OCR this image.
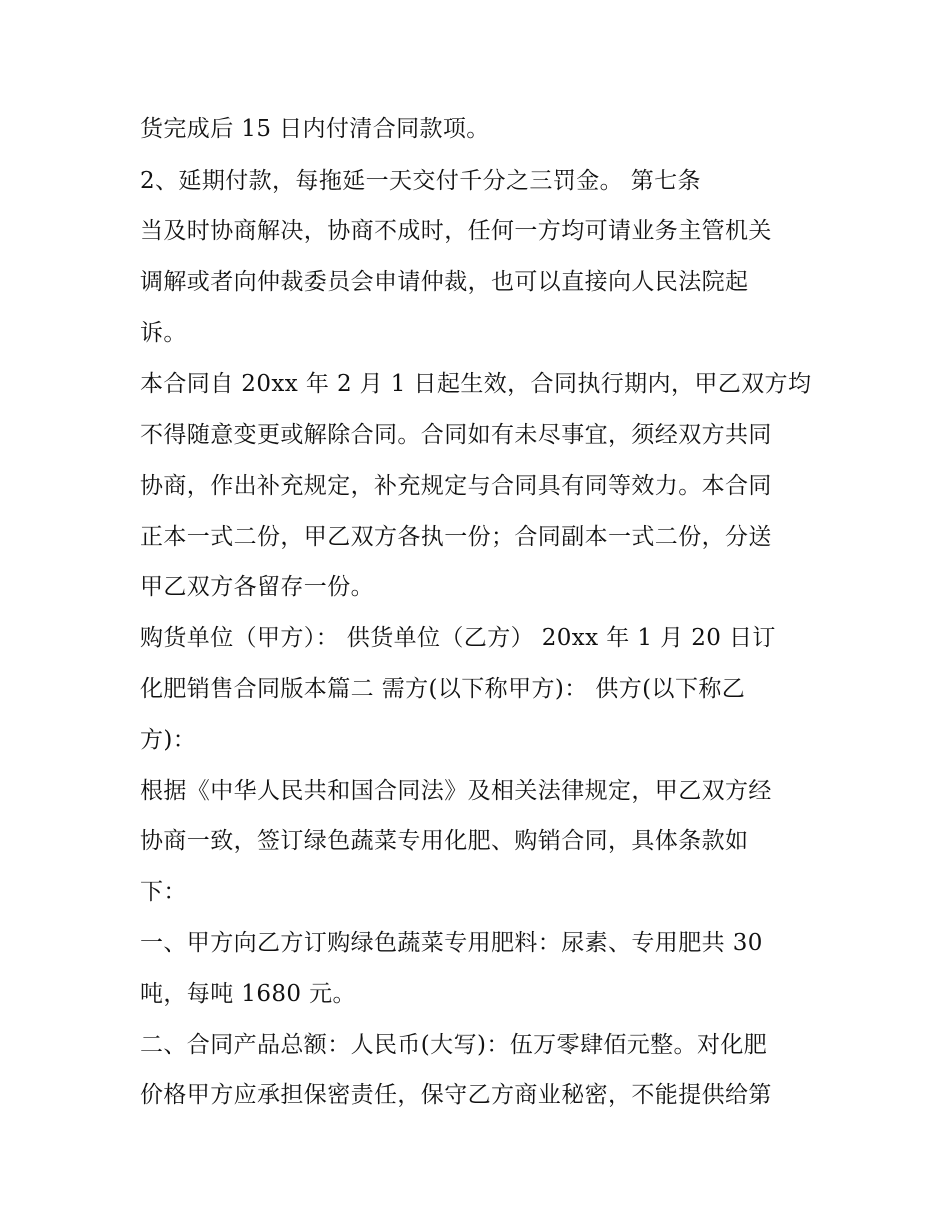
货完成后 15 日内付清合同款项。
2、延期付款，每拖延一天交付千分之三罚金。 第七条
当及时协商解决，协商不成时，任何一方均可请业务主管机关
调解或者向仲裁委员会申请仲裁，也可以直接向人民法院起
诉。
本合同自 20xx 年 2 月 1 日起生效，合同执行期内，甲乙双方均
不得随意变更或解除合同。合同如有未尽事宜，须经双方共同
协商，作出补充规定，补充规定与合同具有同等效力。本合同
正本一式二份，甲乙双方各执一份；合同副本一式二份，分送
甲乙双方各留存一份。
购货单位（甲方）： 供货单位（乙方） 20xx 年 1 月 20 日订
化肥销售合同版本篇二 需方(以下称甲方)： 供方(以下称乙
方)：
根据《中华人民共和国合同法》及相关法律规定，甲乙双方经
协商一致，签订绿色蔬菜专用化肥、购销合同，具体条款如
下：
一、甲方向乙方订购绿色蔬菜专用肥料：尿素、专用肥共 30
吨，每吨 1680 元。
二、合同产品总额：人民币(大写)：伍万零肆佰元整。对化肥
价格甲方应承担保密责任，保守乙方商业秘密，不能提供给第
